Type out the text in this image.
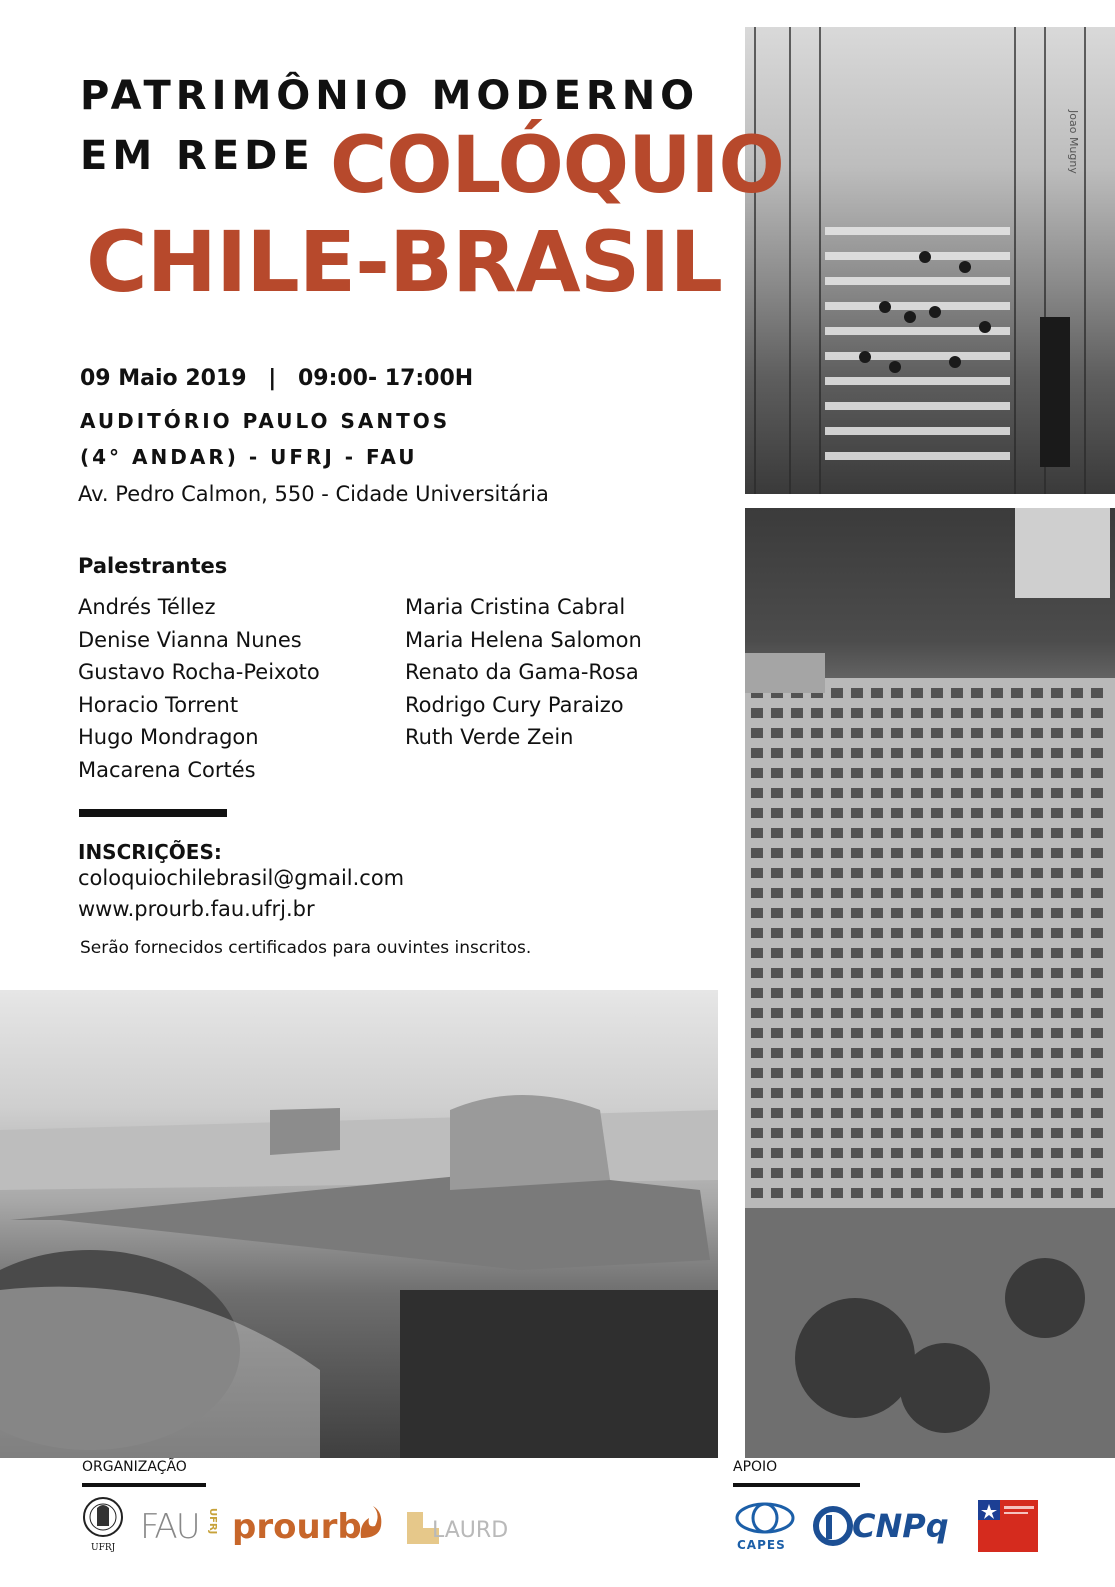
Joao Mugny
PATRIMÔNIO MODERNO
EM REDE COLÓQUIO
CHILE-BRASIL
09 Maio 2019 | 09:00- 17:00H
AUDITÓRIO PAULO SANTOS
(4° ANDAR) - UFRJ - FAU
Av. Pedro Calmon, 550 - Cidade Universitária
Palestrantes
Andrés Téllez
Denise Vianna Nunes
Gustavo Rocha-Peixoto
Horacio Torrent
Hugo Mondragon
Macarena Cortés
Maria Cristina Cabral
Maria Helena Salomon
Renato da Gama-Rosa
Rodrigo Cury Paraizo
Ruth Verde Zein
INSCRIÇÕES:
coloquiochilebrasil@gmail.com
www.prourb.fau.ufrj.br
Serão fornecidos certificados para ouvintes inscritos.
ORGANIZAÇÃO	APOIO
UFRJ
FAU UFRJ prourb	LAURD
CAPES CNPq
